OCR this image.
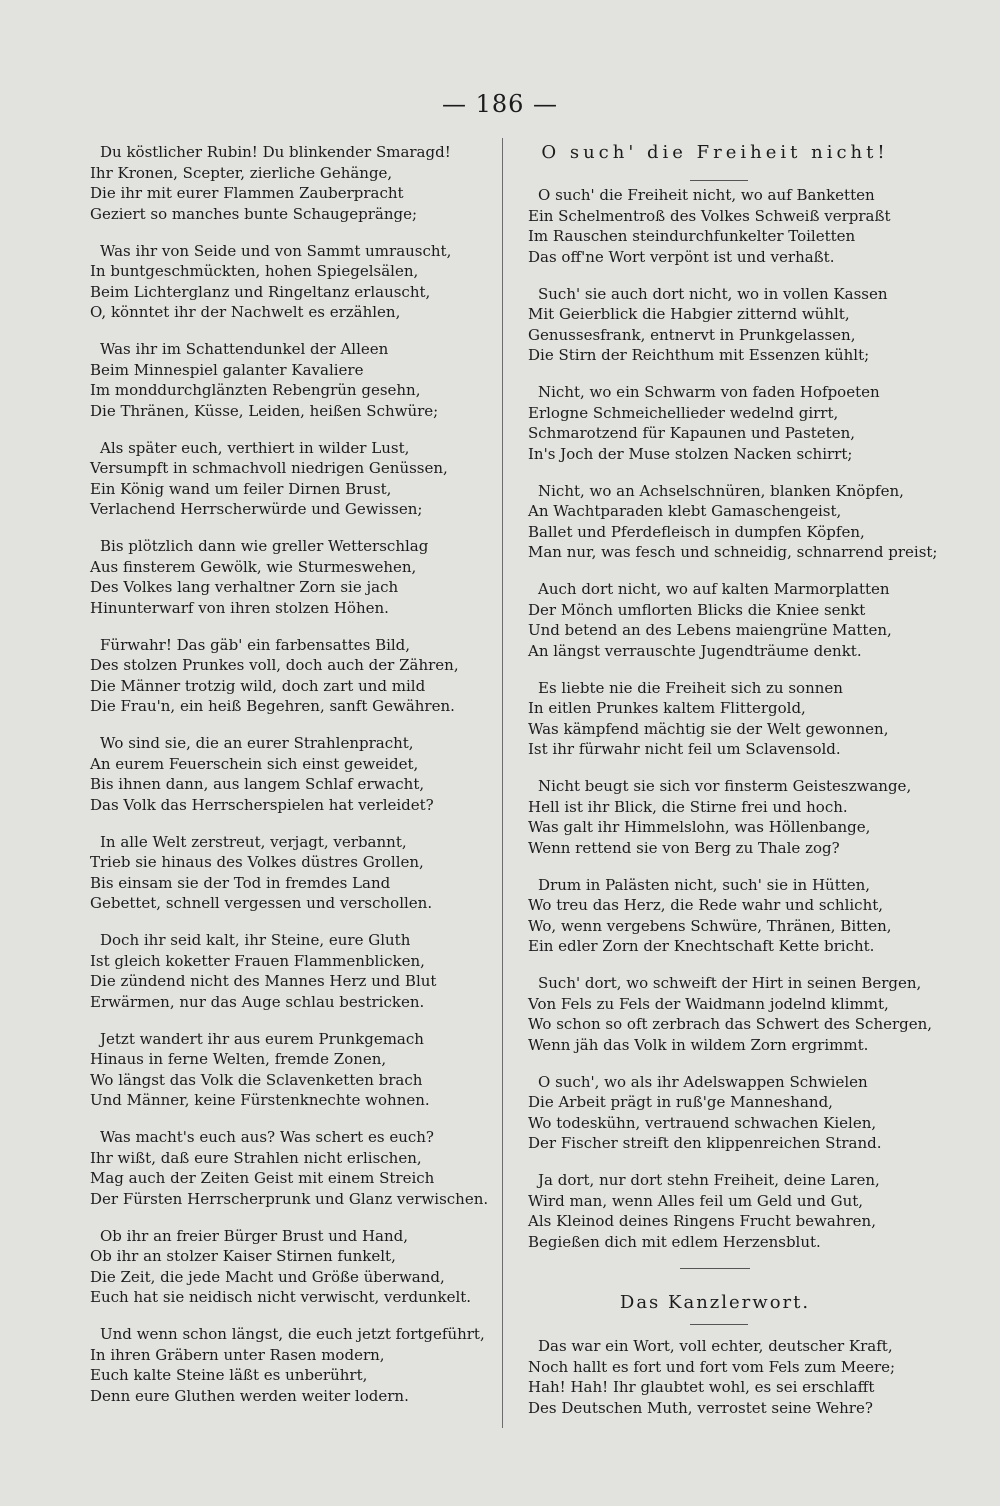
— 186 —
Du köstlicher Rubin! Du blinkender Smaragd!
Ihr Kronen, Scepter, zierliche Gehänge,
Die ihr mit eurer Flammen Zauberpracht
Geziert so manches bunte Schaugepränge;
Was ihr von Seide und von Sammt umrauscht,
In buntgeschmückten, hohen Spiegelsälen,
Beim Lichterglanz und Ringeltanz erlauscht,
O, könntet ihr der Nachwelt es erzählen,
Was ihr im Schattendunkel der Alleen
Beim Minnespiel galanter Kavaliere
Im monddurchglänzten Rebengrün gesehn,
Die Thränen, Küsse, Leiden, heißen Schwüre;
Als später euch, verthiert in wilder Lust,
Versumpft in schmachvoll niedrigen Genüssen,
Ein König wand um feiler Dirnen Brust,
Verlachend Herrscherwürde und Gewissen;
Bis plötzlich dann wie greller Wetterschlag
Aus finsterem Gewölk, wie Sturmeswehen,
Des Volkes lang verhaltner Zorn sie jach
Hinunterwarf von ihren stolzen Höhen.
Fürwahr! Das gäb' ein farbensattes Bild,
Des stolzen Prunkes voll, doch auch der Zähren,
Die Männer trotzig wild, doch zart und mild
Die Frau'n, ein heiß Begehren, sanft Gewähren.
Wo sind sie, die an eurer Strahlenpracht,
An eurem Feuerschein sich einst geweidet,
Bis ihnen dann, aus langem Schlaf erwacht,
Das Volk das Herrscherspielen hat verleidet?
In alle Welt zerstreut, verjagt, verbannt,
Trieb sie hinaus des Volkes düstres Grollen,
Bis einsam sie der Tod in fremdes Land
Gebettet, schnell vergessen und verschollen.
Doch ihr seid kalt, ihr Steine, eure Gluth
Ist gleich koketter Frauen Flammenblicken,
Die zündend nicht des Mannes Herz und Blut
Erwärmen, nur das Auge schlau bestricken.
Jetzt wandert ihr aus eurem Prunkgemach
Hinaus in ferne Welten, fremde Zonen,
Wo längst das Volk die Sclavenketten brach
Und Männer, keine Fürstenknechte wohnen.
Was macht's euch aus? Was schert es euch?
Ihr wißt, daß eure Strahlen nicht erlischen,
Mag auch der Zeiten Geist mit einem Streich
Der Fürsten Herrscherprunk und Glanz verwischen.
Ob ihr an freier Bürger Brust und Hand,
Ob ihr an stolzer Kaiser Stirnen funkelt,
Die Zeit, die jede Macht und Größe überwand,
Euch hat sie neidisch nicht verwischt, verdunkelt.
Und wenn schon längst, die euch jetzt fortgeführt,
In ihren Gräbern unter Rasen modern,
Euch kalte Steine läßt es unberührt,
Denn eure Gluthen werden weiter lodern.
O such' die Freiheit nicht!
O such' die Freiheit nicht, wo auf Banketten
Ein Schelmentroß des Volkes Schweiß verpraßt
Im Rauschen steindurchfunkelter Toiletten
Das off'ne Wort verpönt ist und verhaßt.
Such' sie auch dort nicht, wo in vollen Kassen
Mit Geierblick die Habgier zitternd wühlt,
Genussesfrank, entnervt in Prunkgelassen,
Die Stirn der Reichthum mit Essenzen kühlt;
Nicht, wo ein Schwarm von faden Hofpoeten
Erlogne Schmeichellieder wedelnd girrt,
Schmarotzend für Kapaunen und Pasteten,
In's Joch der Muse stolzen Nacken schirrt;
Nicht, wo an Achselschnüren, blanken Knöpfen,
An Wachtparaden klebt Gamaschengeist,
Ballet und Pferdefleisch in dumpfen Köpfen,
Man nur, was fesch und schneidig, schnarrend preist;
Auch dort nicht, wo auf kalten Marmorplatten
Der Mönch umflorten Blicks die Kniee senkt
Und betend an des Lebens maiengrüne Matten,
An längst verrauschte Jugendträume denkt.
Es liebte nie die Freiheit sich zu sonnen
In eitlen Prunkes kaltem Flittergold,
Was kämpfend mächtig sie der Welt gewonnen,
Ist ihr fürwahr nicht feil um Sclavensold.
Nicht beugt sie sich vor finsterm Geisteszwange,
Hell ist ihr Blick, die Stirne frei und hoch.
Was galt ihr Himmelslohn, was Höllenbange,
Wenn rettend sie von Berg zu Thale zog?
Drum in Palästen nicht, such' sie in Hütten,
Wo treu das Herz, die Rede wahr und schlicht,
Wo, wenn vergebens Schwüre, Thränen, Bitten,
Ein edler Zorn der Knechtschaft Kette bricht.
Such' dort, wo schweift der Hirt in seinen Bergen,
Von Fels zu Fels der Waidmann jodelnd klimmt,
Wo schon so oft zerbrach das Schwert des Schergen,
Wenn jäh das Volk in wildem Zorn ergrimmt.
O such', wo als ihr Adelswappen Schwielen
Die Arbeit prägt in ruß'ge Manneshand,
Wo todeskühn, vertrauend schwachen Kielen,
Der Fischer streift den klippenreichen Strand.
Ja dort, nur dort stehn Freiheit, deine Laren,
Wird man, wenn Alles feil um Geld und Gut,
Als Kleinod deines Ringens Frucht bewahren,
Begießen dich mit edlem Herzensblut.
Das Kanzlerwort.
Das war ein Wort, voll echter, deutscher Kraft,
Noch hallt es fort und fort vom Fels zum Meere;
Hah! Hah! Ihr glaubtet wohl, es sei erschlafft
Des Deutschen Muth, verrostet seine Wehre?
